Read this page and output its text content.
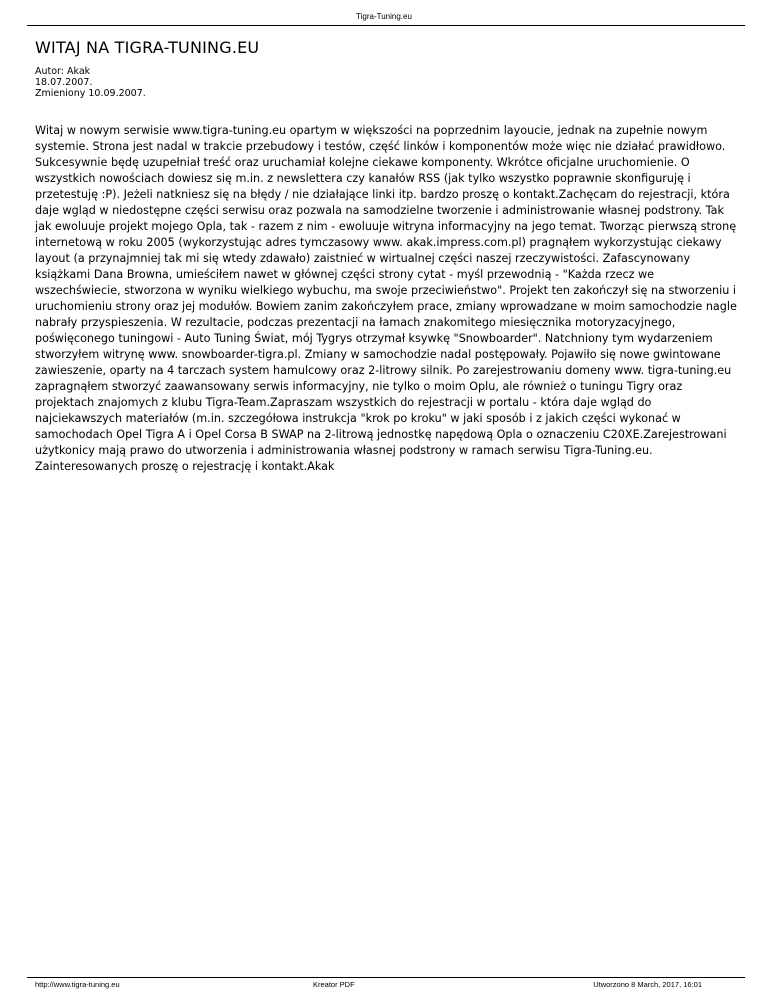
Tigra-Tuning.eu
WITAJ NA TIGRA-TUNING.EU
Autor: Akak
18.07.2007.
Zmieniony 10.09.2007.

Witaj w nowym serwisie www.tigra-tuning.eu opartym w większości na poprzednim layoucie, jednak na zupełnie nowym systemie. Strona jest nadal w trakcie przebudowy i testów, część linków i komponentów może więc nie działać prawidłowo. Sukcesywnie będę uzupełniał treść oraz uruchamiał kolejne ciekawe komponenty. Wkrótce oficjalne uruchomienie. O wszystkich nowościach dowiesz się m.in. z newslettera czy kanałów RSS (jak tylko wszystko poprawnie skonfiguruję i przetestuję :P). Jeżeli natkniesz się na błędy / nie działające linki itp. bardzo proszę o kontakt.Zachęcam do rejestracji, która daje wgląd w niedostępne części serwisu oraz pozwala na samodzielne tworzenie i administrowanie własnej podstrony. Tak jak ewoluuje projekt mojego Opla, tak - razem z nim - ewoluuje witryna informacyjny na jego temat. Tworząc pierwszą stronę internetową w roku 2005 (wykorzystując adres tymczasowy www. akak.impress.com.pl) pragnąłem wykorzystując ciekawy layout (a przynajmniej tak mi się wtedy zdawało) zaistnieć w wirtualnej części naszej rzeczywistości. Zafascynowany książkami Dana Browna, umieściłem nawet w głównej części strony cytat - myśl przewodnią - "Każda rzecz we wszechświecie, stworzona w wyniku wielkiego wybuchu, ma swoje przeciwieństwo". Projekt ten zakończył się na stworzeniu i uruchomieniu strony oraz jej modułów. Bowiem zanim zakończyłem prace, zmiany wprowadzane w moim samochodzie nagle nabrały przyspieszenia. W rezultacie, podczas prezentacji na łamach znakomitego miesięcznika motoryzacyjnego, poświęconego tuningowi - Auto Tuning Świat, mój Tygrys otrzymał ksywkę "Snowboarder". Natchniony tym wydarzeniem stworzyłem witrynę www. snowboarder-tigra.pl. Zmiany w samochodzie nadal postępowały. Pojawiło się nowe gwintowane zawieszenie, oparty na 4 tarczach system hamulcowy oraz 2-litrowy silnik. Po zarejestrowaniu domeny www. tigra-tuning.eu zapragnąłem stworzyć zaawansowany serwis informacyjny, nie tylko o moim Oplu, ale również o tuningu Tigry oraz projektach znajomych z klubu Tigra-Team.Zapraszam wszystkich do rejestracji w portalu - która daje wgląd do najciekawszych materiałów (m.in. szczegółowa instrukcja "krok po kroku" w jaki sposób i z jakich części wykonać w samochodach Opel Tigra A i Opel Corsa B SWAP na 2-litrową jednostkę napędową Opla o oznaczeniu C20XE.Zarejestrowani użytkonicy mają prawo do utworzenia i administrowania własnej podstrony w ramach serwisu Tigra-Tuning.eu. Zainteresowanych proszę o rejestrację i kontakt.Akak

http://www.tigra-tuning.eu	Kreator PDF	Utworzono 8 March, 2017, 16:01
